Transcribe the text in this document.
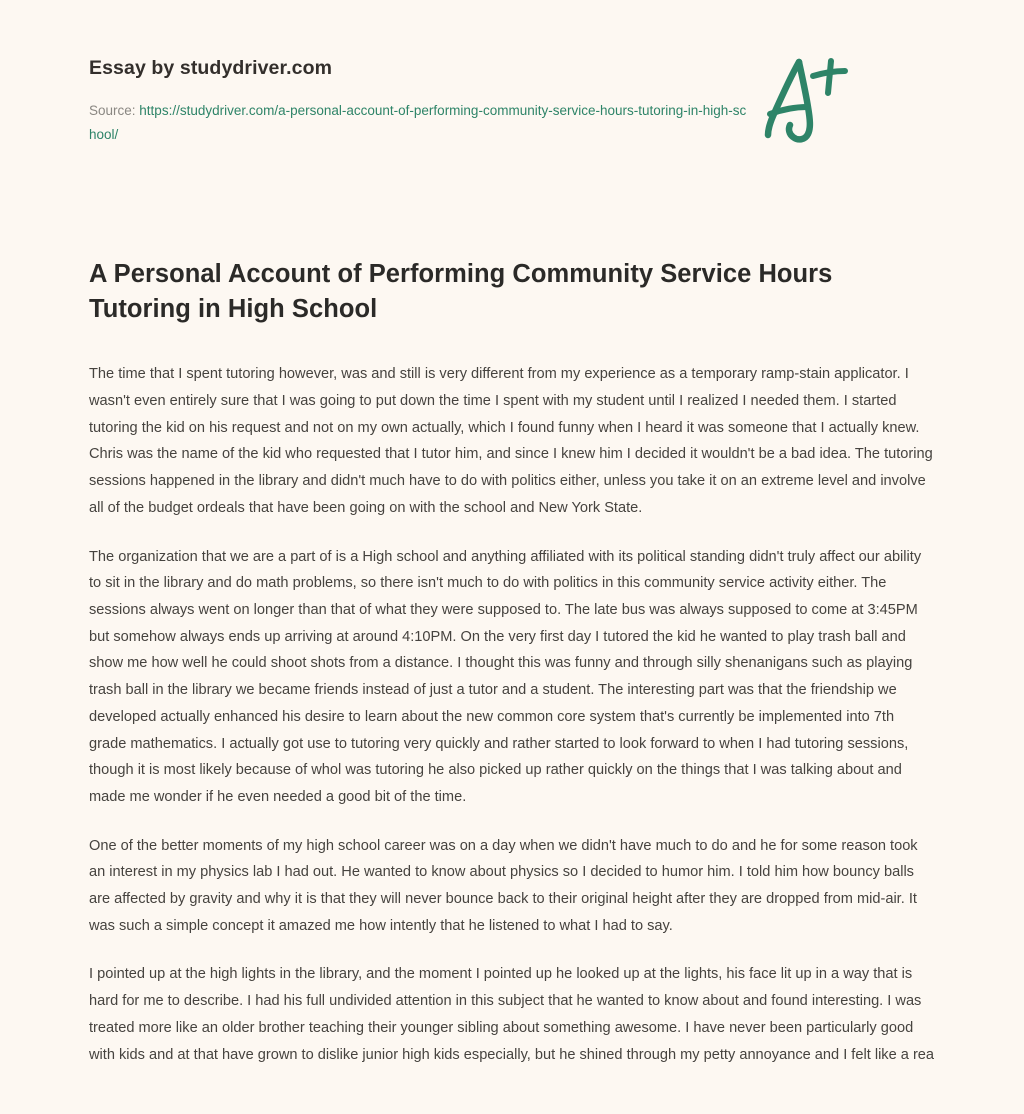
Essay by studydriver.com
Source: https://studydriver.com/a-personal-account-of-performing-community-service-hours-tutoring-in-high-school/
A Personal Account of Performing Community Service Hours Tutoring in High School

The time that I spent tutoring however, was and still is very different from my experience as a temporary ramp-stain applicator. I wasn't even entirely sure that I was going to put down the time I spent with my student until I realized I needed them. I started tutoring the kid on his request and not on my own actually, which I found funny when I heard it was someone that I actually knew. Chris was the name of the kid who requested that I tutor him, and since I knew him I decided it wouldn't be a bad idea. The tutoring sessions happened in the library and didn't much have to do with politics either, unless you take it on an extreme level and involve all of the budget ordeals that have been going on with the school and New York State.

The organization that we are a part of is a High school and anything affiliated with its political standing didn't truly affect our ability to sit in the library and do math problems, so there isn't much to do with politics in this community service activity either. The sessions always went on longer than that of what they were supposed to. The late bus was always supposed to come at 3:45PM but somehow always ends up arriving at around 4:10PM. On the very first day I tutored the kid he wanted to play trash ball and show me how well he could shoot shots from a distance. I thought this was funny and through silly shenanigans such as playing trash ball in the library we became friends instead of just a tutor and a student. The interesting part was that the friendship we developed actually enhanced his desire to learn about the new common core system that's currently be implemented into 7th grade mathematics. I actually got use to tutoring very quickly and rather started to look forward to when I had tutoring sessions, though it is most likely because of whol was tutoring he also picked up rather quickly on the things that I was talking about and made me wonder if he even needed a good bit of the time.

One of the better moments of my high school career was on a day when we didn't have much to do and he for some reason took an interest in my physics lab I had out. He wanted to know about physics so I decided to humor him. I told him how bouncy balls are affected by gravity and why it is that they will never bounce back to their original height after they are dropped from mid-air. It was such a simple concept it amazed me how intently that he listened to what I had to say.

I pointed up at the high lights in the library, and the moment I pointed up he looked up at the lights, his face lit up in a way that is hard for me to describe. I had his full undivided attention in this subject that he wanted to know about and found interesting. I was treated more like an older brother teaching their younger sibling about something awesome. I have never been particularly good with kids and at that have grown to dislike junior high kids especially, but he shined through my petty annoyance and I felt like a rea
